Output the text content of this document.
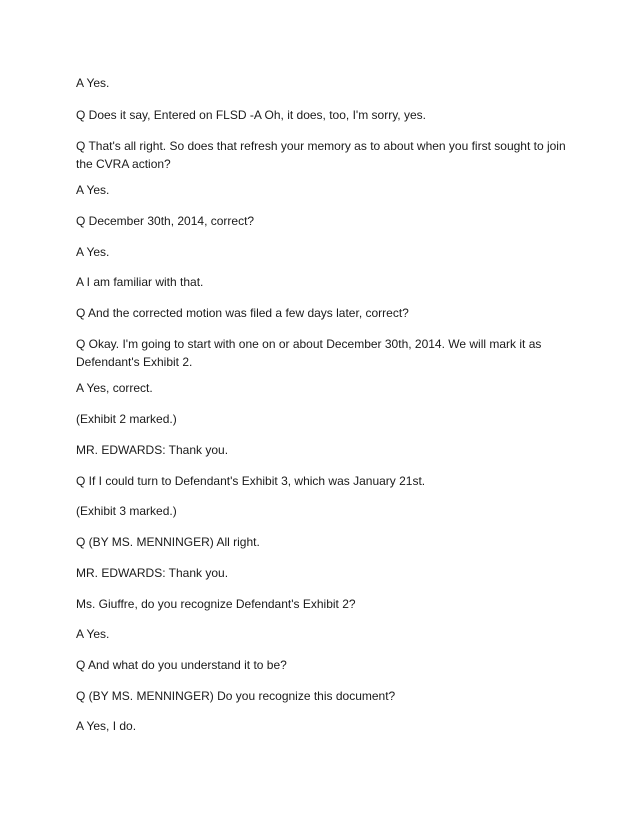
A Yes.

Q Does it say, Entered on FLSD -A Oh, it does, too, I'm sorry, yes.

Q That's all right. So does that refresh your memory as to about when you first sought to join the CVRA action?

A Yes.

Q December 30th, 2014, correct?

A Yes.

A I am familiar with that.

Q And the corrected motion was filed a few days later, correct?

Q Okay. I'm going to start with one on or about December 30th, 2014. We will mark it as Defendant's Exhibit 2.

A Yes, correct.

(Exhibit 2 marked.)

MR. EDWARDS: Thank you.

Q If I could turn to Defendant's Exhibit 3, which was January 21st.

(Exhibit 3 marked.)

Q (BY MS. MENNINGER) All right.

MR. EDWARDS: Thank you.

Ms. Giuffre, do you recognize Defendant's Exhibit 2?

A Yes.

Q And what do you understand it to be?

Q (BY MS. MENNINGER) Do you recognize this document?

A Yes, I do.
